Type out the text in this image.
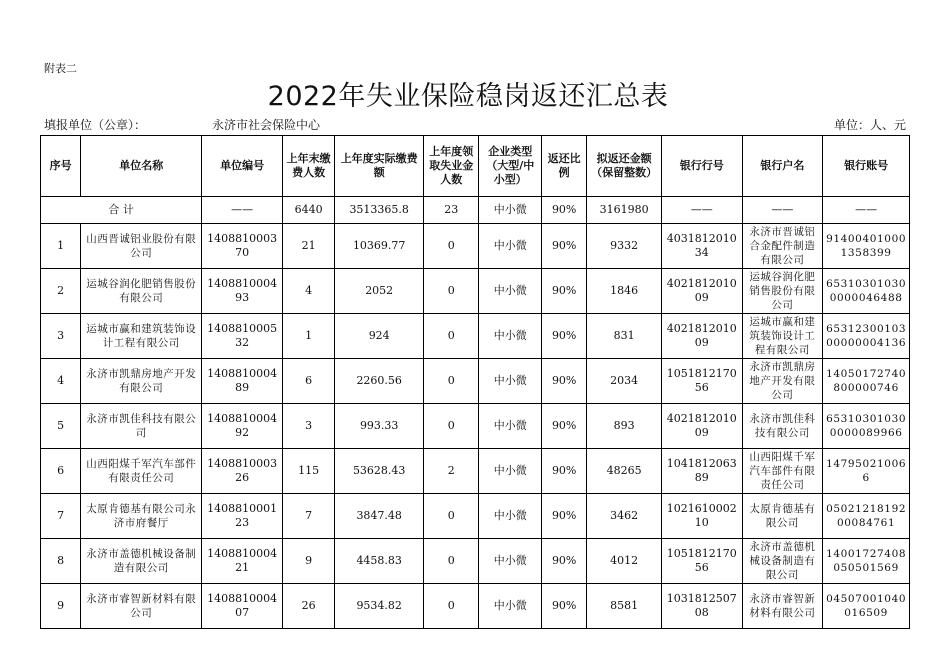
附表二
2022年失业保险稳岗返还汇总表
填报单位（公章）：	永济市社会保险中心	单位：人、元
序号	单位名称	单位编号	上年末缴费人数	上年度实际缴费额	上年度领取失业金人数	企业类型（大型/中小型）	返还比例	拟返还金额（保留整数）	银行行号	银行户名	银行账号
合 计		——	6440	3513365.8	23	中小微	90%	3161980	——	——	——
1	山西晋诚铝业股份有限公司	140881000370	21	10369.77	0	中小微	90%	9332	403181201034	永济市晋诚铝合金配件制造有限公司	914004010001358399
2	运城谷润化肥销售股份有限公司	140881000493	4	2052	0	中小微	90%	1846	402181201009	运城谷润化肥销售股份有限公司	653103010300000046488
3	运城市赢和建筑装饰设计工程有限公司	140881000532	1	924	0	中小微	90%	831	402181201009	运城市赢和建筑装饰设计工程有限公司	6531230010300000004136
4	永济市凯鼎房地产开发有限公司	140881000489	6	2260.56	0	中小微	90%	2034	105181217056	永济市凯鼎房地产开发有限公司	14050172740800000746
5	永济市凯佳科技有限公司	140881000492	3	993.33	0	中小微	90%	893	402181201009	永济市凯佳科技有限公司	653103010300000089966
6	山西阳煤千军汽车部件有限责任公司	140881000326	115	53628.43	2	中小微	90%	48265	104181206389	山西阳煤千军汽车部件有限责任公司	147950210066
7	太原肯德基有限公司永济市府餐厅	140881000123	7	3847.48	0	中小微	90%	3462	102161000210	太原肯德基有限公司	0502121819200084761
8	永济市盖德机械设备制造有限公司	140881000421	9	4458.83	0	中小微	90%	4012	105181217056	永济市盖德机械设备制造有限公司	14001727408050501569
9	永济市睿智新材料有限公司	140881000407	26	9534.82	0	中小微	90%	8581	103181250708	永济市睿智新材料有限公司	04507001040016509
